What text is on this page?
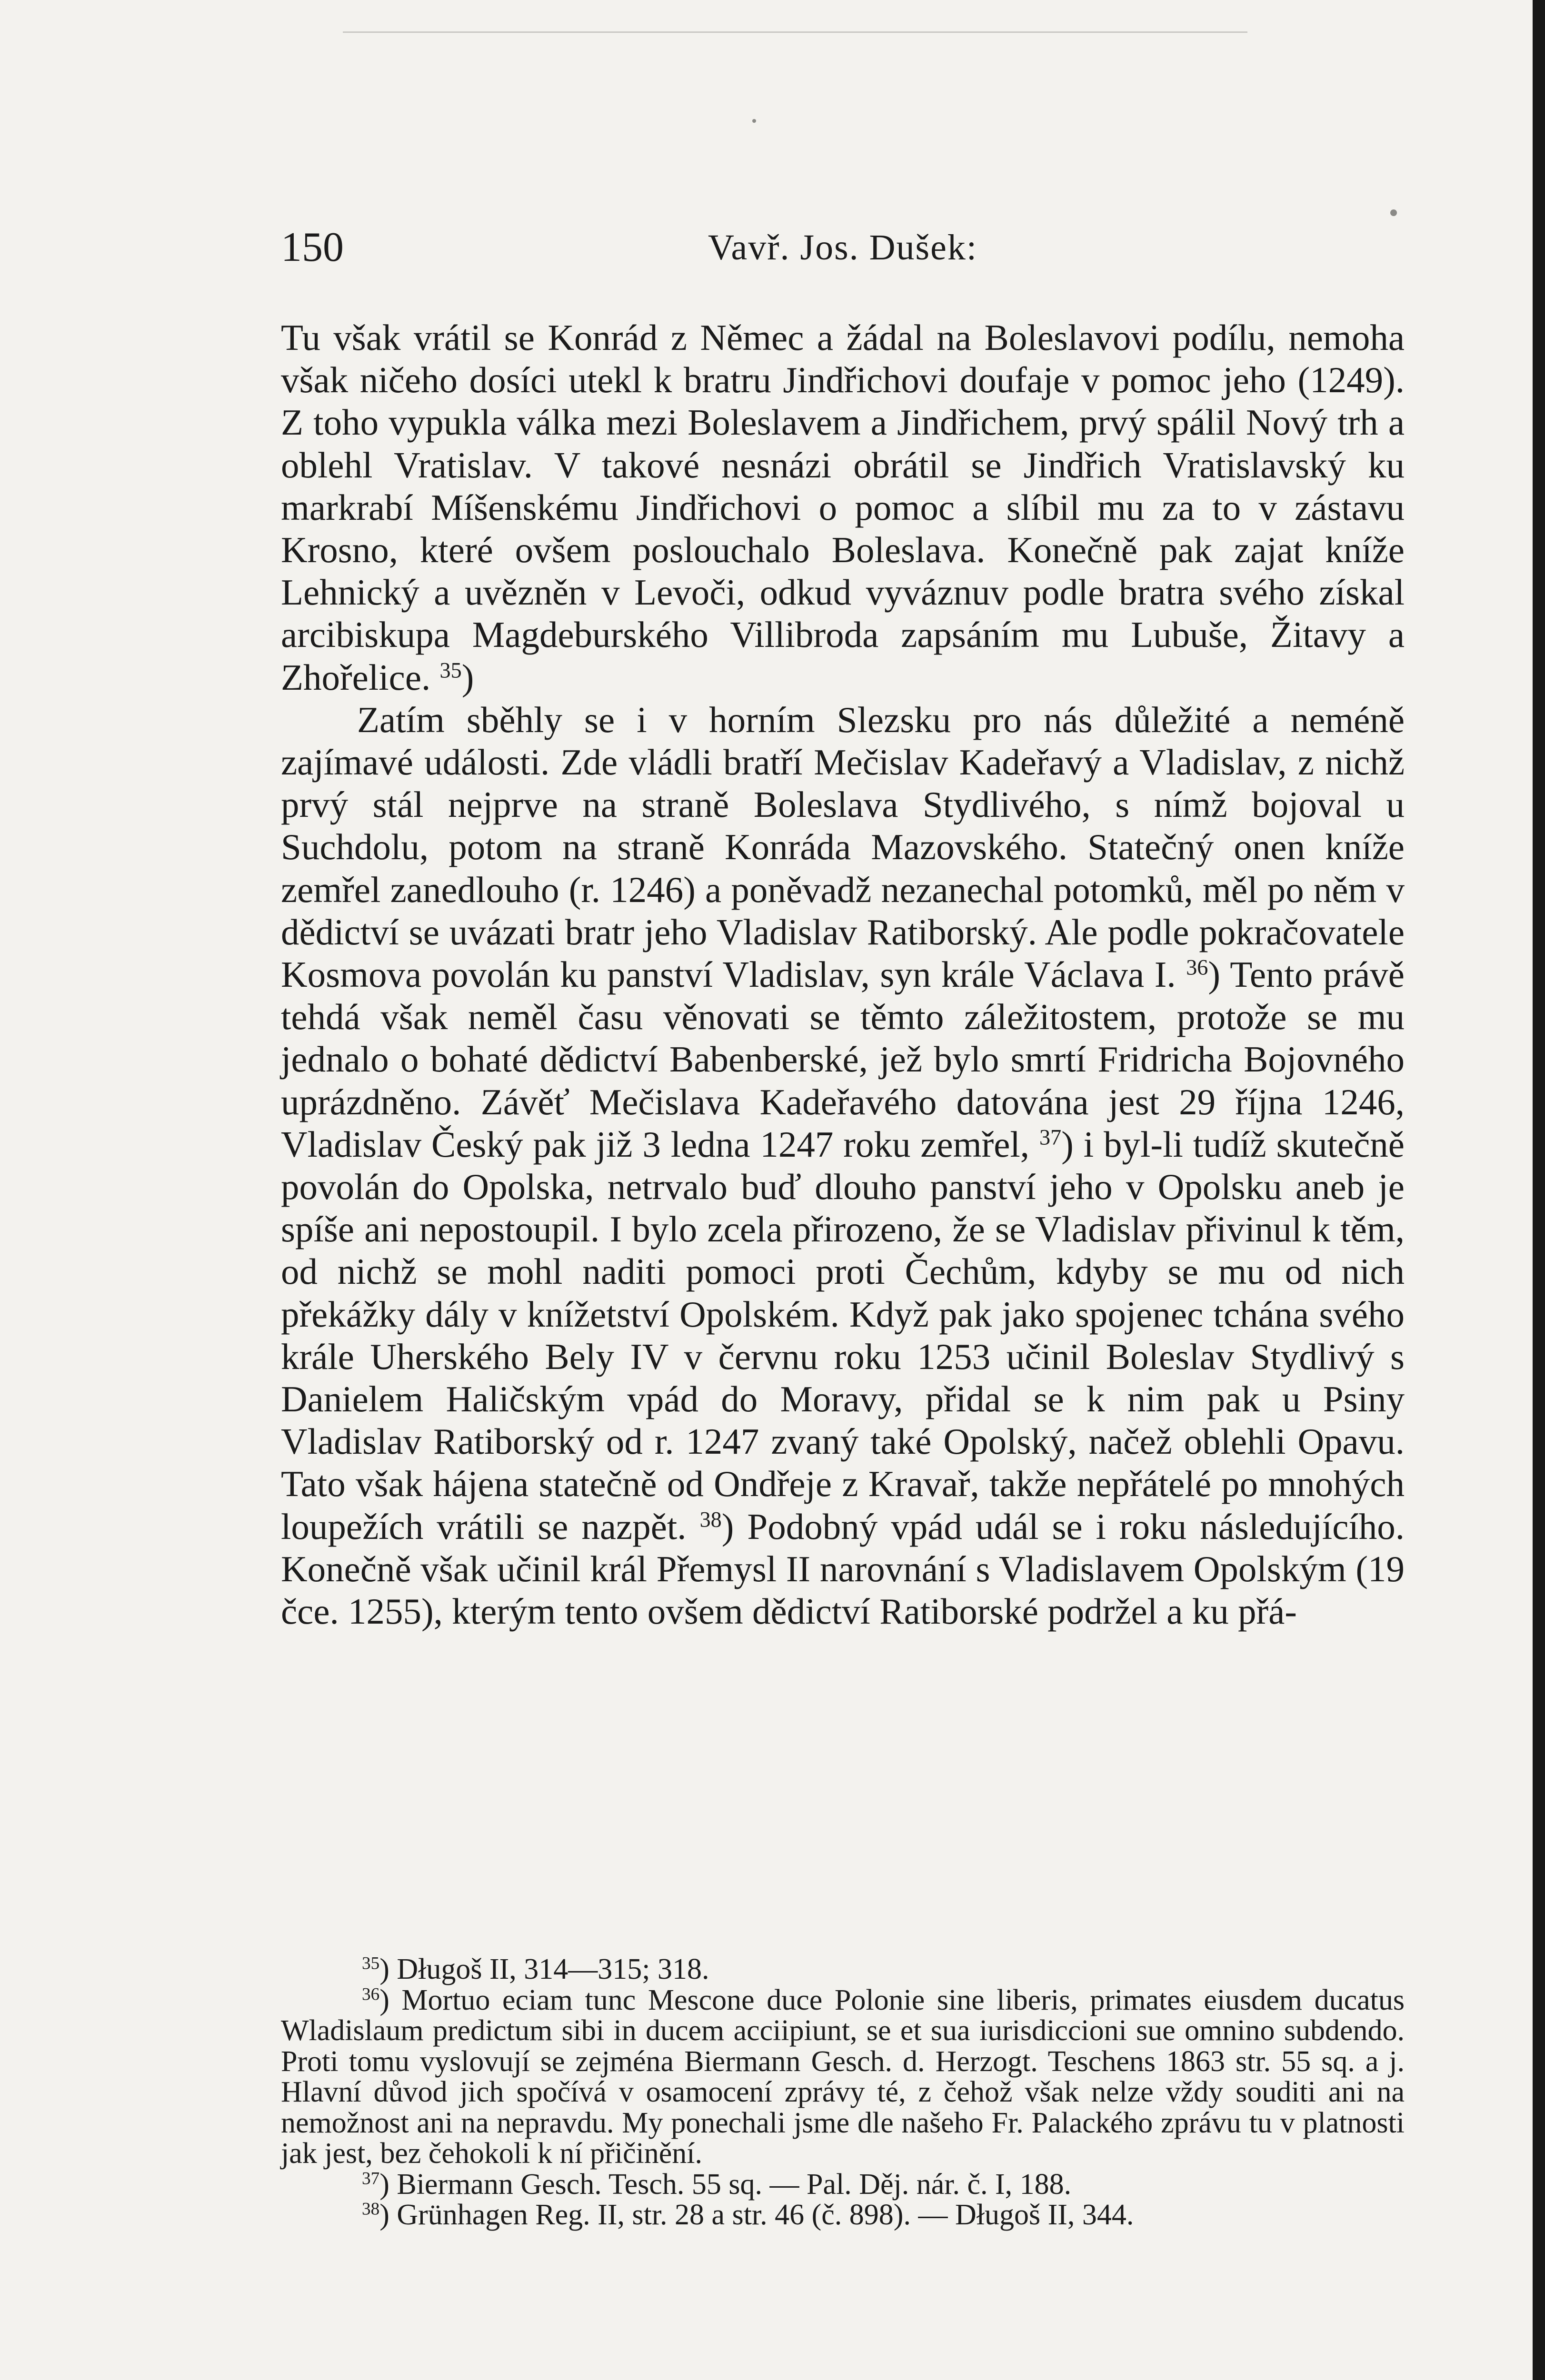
150	Vavř. Jos. Dušek:

Tu však vrátil se Konrád z Němec a žádal na Boleslavovi podílu, nemoha však ničeho dosíci utekl k bratru Jindřichovi doufaje v pomoc jeho (1249). Z toho vypukla válka mezi Boleslavem a Jindřichem, prvý spálil Nový trh a oblehl Vratislav. V takové nesnázi obrátil se Jindřich Vratislavský ku markrabí Míšenskému Jindřichovi o pomoc a slíbil mu za to v zástavu Krosno, které ovšem poslouchalo Boleslava. Konečně pak zajat kníže Lehnický a uvězněn v Levoči, odkud vyváznuv podle bratra svého získal arcibiskupa Magdeburského Villibroda zapsáním mu Lubuše, Žitavy a Zhořelice. $^{35}$)

Zatím sběhly se i v horním Slezsku pro nás důležité a neméně zajímavé události. Zde vládli bratří Mečislav Kadeřavý a Vladislav, z nichž prvý stál nejprve na straně Boleslava Stydlivého, s nímž bojoval u Suchdolu, potom na straně Konráda Mazovského. Statečný onen kníže zemřel zanedlouho (r. 1246) a poněvadž nezanechal potomků, měl po něm v dědictví se uvázati bratr jeho Vladislav Ratiborský. Ale podle pokračovatele Kosmova povolán ku panství Vladislav, syn krále Václava I. $^{36}$) Tento právě tehdá však neměl času věnovati se těmto záležitostem, protože se mu jednalo o bohaté dědictví Babenberské, jež bylo smrtí Fridricha Bojovného uprázdněno. Závěť Mečislava Kadeřavého datována jest 29 října 1246, Vladislav Český pak již 3 ledna 1247 roku zemřel, $^{37}$) i byl-li tudíž skutečně povolán do Opolska, netrvalo buď dlouho panství jeho v Opolsku aneb je spíše ani nepostoupil. I bylo zcela přirozeno, že se Vladislav přivinul k těm, od nichž se mohl naditi pomoci proti Čechům, kdyby se mu od nich překážky dály v knížetství Opolském. Když pak jako spojenec tchána svého krále Uherského Bely IV v červnu roku 1253 učinil Boleslav Stydlivý s Danielem Haličským vpád do Moravy, přidal se k nim pak u Psiny Vladislav Ratiborský od r. 1247 zvaný také Opolský, načež oblehli Opavu. Tato však hájena statečně od Ondřeje z Kravař, takže nepřátelé po mnohých loupežích vrátili se nazpět. $^{38}$) Podobný vpád udál se i roku následujícího. Konečně však učinil král Přemysl II narovnání s Vladislavem Opolským (19 čce. 1255), kterým tento ovšem dědictví Ratiborské podržel a ku přá-

$^{35}$) Długoš II, 314—315; 318.

$^{36}$) Mortuo eciam tunc Mescone duce Polonie sine liberis, primates eiusdem ducatus Wladislaum predictum sibi in ducem acciipiunt, se et sua iurisdiccioni sue omnino subdendo. Proti tomu vyslovují se zejména Biermann Gesch. d. Herzogt. Teschens 1863 str. 55 sq. a j. Hlavní důvod jich spočívá v osamocení zprávy té, z čehož však nelze vždy souditi ani na nemožnost ani na nepravdu. My ponechali jsme dle našeho Fr. Palackého zprávu tu v platnosti jak jest, bez čehokoli k ní přičinění.

$^{37}$) Biermann Gesch. Tesch. 55 sq. — Pal. Děj. nár. č. I, 188.

$^{38}$) Grünhagen Reg. II, str. 28 a str. 46 (č. 898). — Długoš II, 344.
